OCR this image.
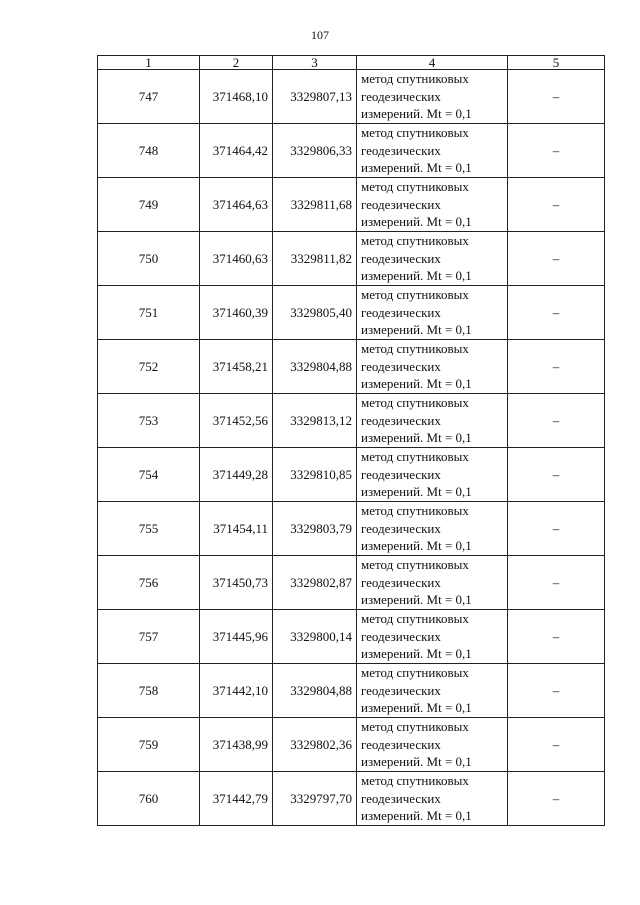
107
1	2	3	4	5
747	371468,10	3329807,13	метод спутниковых
геодезических
измерений. Mt = 0,1	–
748	371464,42	3329806,33	метод спутниковых
геодезических
измерений. Mt = 0,1	–
749	371464,63	3329811,68	метод спутниковых
геодезических
измерений. Mt = 0,1	–
750	371460,63	3329811,82	метод спутниковых
геодезических
измерений. Mt = 0,1	–
751	371460,39	3329805,40	метод спутниковых
геодезических
измерений. Mt = 0,1	–
752	371458,21	3329804,88	метод спутниковых
геодезических
измерений. Mt = 0,1	–
753	371452,56	3329813,12	метод спутниковых
геодезических
измерений. Mt = 0,1	–
754	371449,28	3329810,85	метод спутниковых
геодезических
измерений. Mt = 0,1	–
755	371454,11	3329803,79	метод спутниковых
геодезических
измерений. Mt = 0,1	–
756	371450,73	3329802,87	метод спутниковых
геодезических
измерений. Mt = 0,1	–
757	371445,96	3329800,14	метод спутниковых
геодезических
измерений. Mt = 0,1	–
758	371442,10	3329804,88	метод спутниковых
геодезических
измерений. Mt = 0,1	–
759	371438,99	3329802,36	метод спутниковых
геодезических
измерений. Mt = 0,1	–
760	371442,79	3329797,70	метод спутниковых
геодезических
измерений. Mt = 0,1	–
